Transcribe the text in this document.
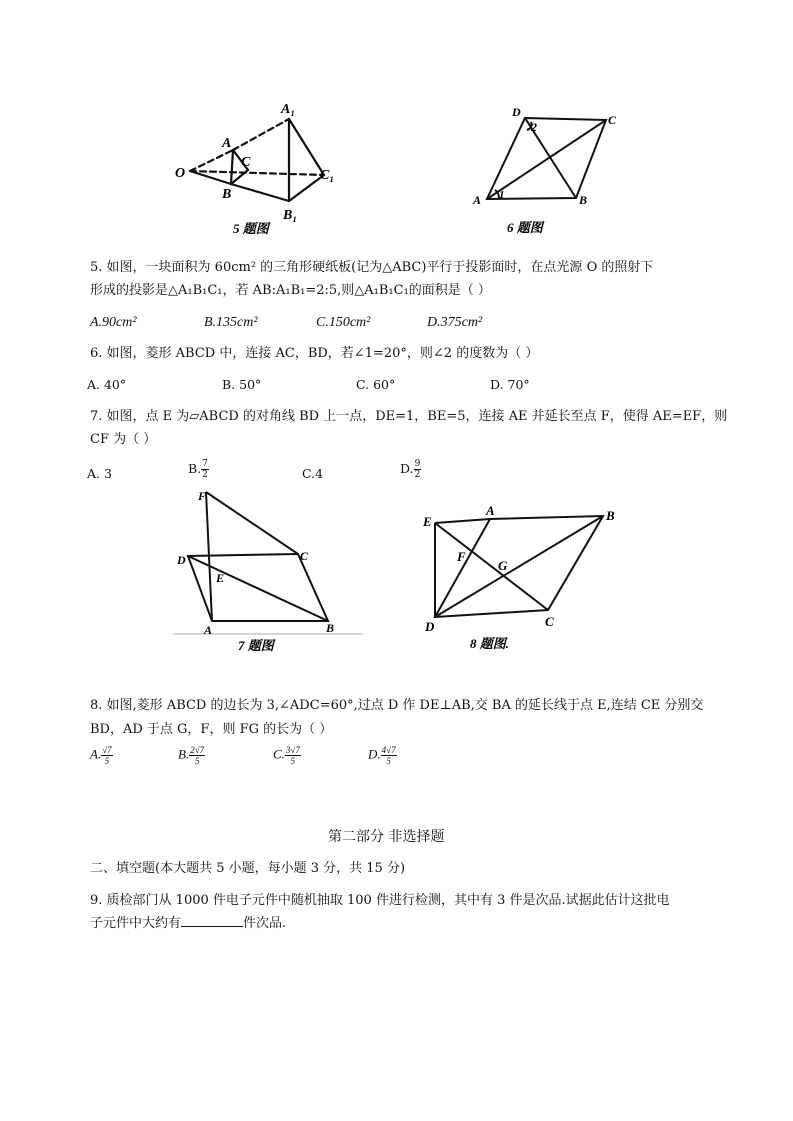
A₁
A
C
O
B
C₁
B₁
5 题图
D
2	C
A 1	B
6 题图
5. 如图，一块面积为 60cm² 的三角形硬纸板(记为△ABC)平行于投影面时，在点光源 O 的照射下
形成的投影是△A₁B₁C₁，若 AB:A₁B₁=2:5,则△A₁B₁C₁的面积是（ ）
A.90cm²	B.135cm²	C.150cm²	D.375cm²
6. 如图，菱形 ABCD 中，连接 AC，BD，若∠1=20°，则∠2 的度数为（ ）
A. 40°	B. 50°	C. 60°	D. 70°
7. 如图，点 E 为▱ABCD 的对角线 BD 上一点，DE=1，BE=5，连接 AE 并延长至点 F，使得 AE=EF，则
CF 为（ ）
A. 3	B. $\frac{7}{2}$	C.4	D. $\frac{9}{2}$
F
D
E
C
A	B
7 题图
E
A	B
F
G
D	C
8 题图.
8. 如图,菱形 ABCD 的边长为 3,∠ADC=60°,过点 D 作 DE⊥AB,交 BA 的延长线于点 E,连结 CE 分别交
BD，AD 于点 G，F，则 FG 的长为（ ）
A. $\frac{√7}{5}$	B. $\frac{2√7}{5}$	C. $\frac{3√7}{5}$	D. $\frac{4√7}{5}$
第二部分 非选择题
二、填空题(本大题共 5 小题，每小题 3 分，共 15 分)
9. 质检部门从 1000 件电子元件中随机抽取 100 件进行检测，其中有 3 件是次品.试据此估计这批电
子元件中大约有	件次品.
